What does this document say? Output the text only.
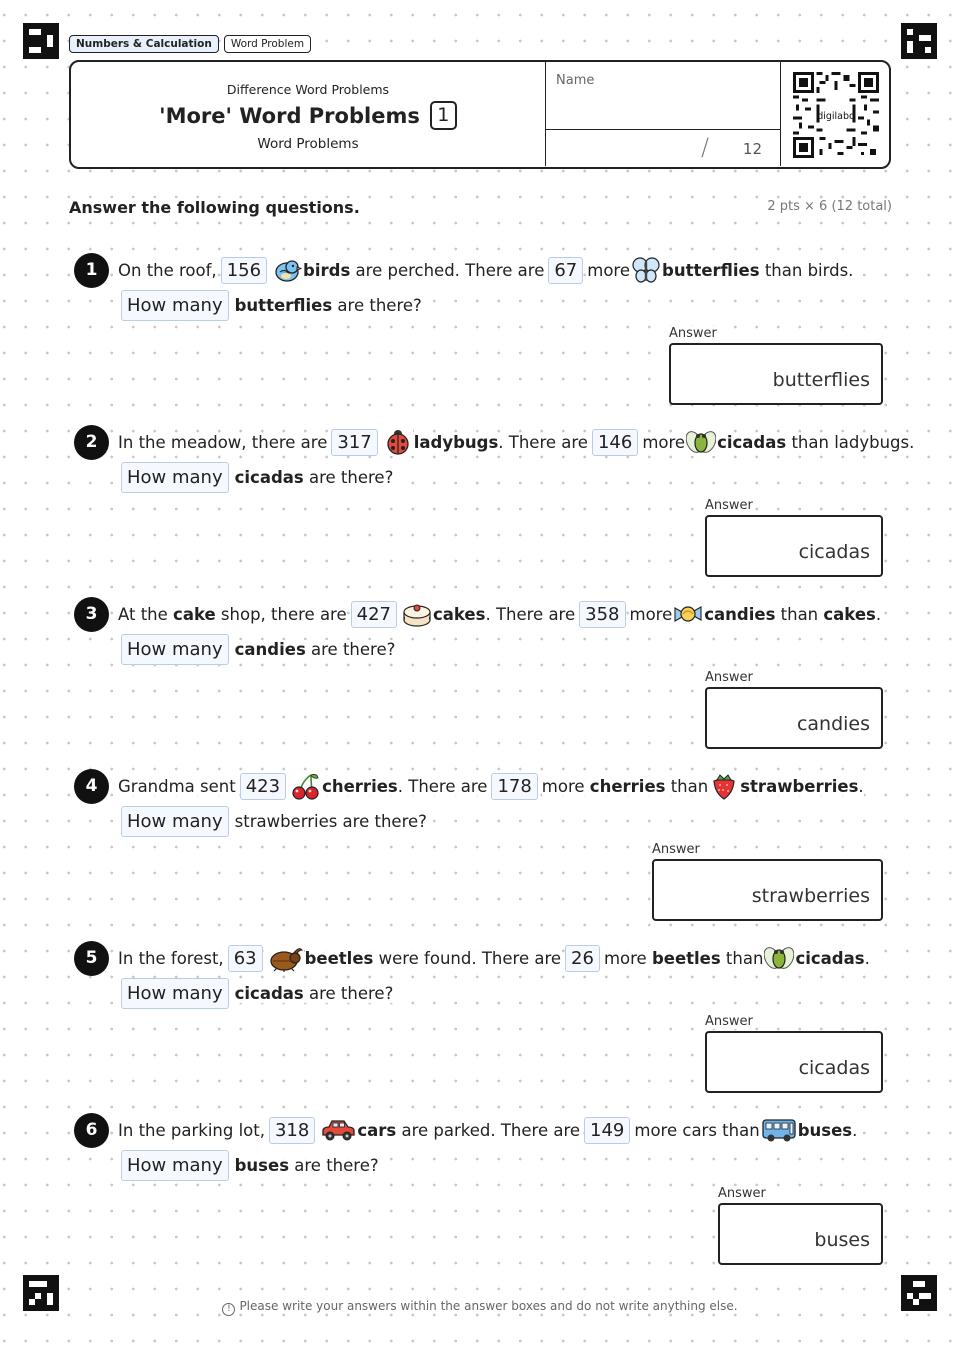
Numbers & Calculation	Word Problem
Difference Word Problems
'More' Word Problems 1
Word Problems
Name
/ 12
digilabo
Answer the following questions.	2 pts × 6 (12 total)
1	On the roof, 156	birds are perched. There are 67 more butterflies than birds.
How many butterflies are there?
Answer
butterflies
2	In the meadow, there are 317	ladybugs . There are 146 more cicadas than ladybugs.
How many cicadas are there?
Answer
cicadas
3	At the cake shop, there are 427	cakes . There are 358 more candies than cakes .
How many candies are there?
Answer
candies
4	Grandma sent 423	cherries . There are 178 more cherries than strawberries .
How many strawberries are there?
Answer
strawberries
5	In the forest, 63	beetles were found. There are 26 more beetles than cicadas .
How many cicadas are there?
Answer
cicadas
6	In the parking lot, 318	cars are parked. There are 149 more cars than buses .
How many buses are there?
Answer
buses
! Please write your answers within the answer boxes and do not write anything else.
